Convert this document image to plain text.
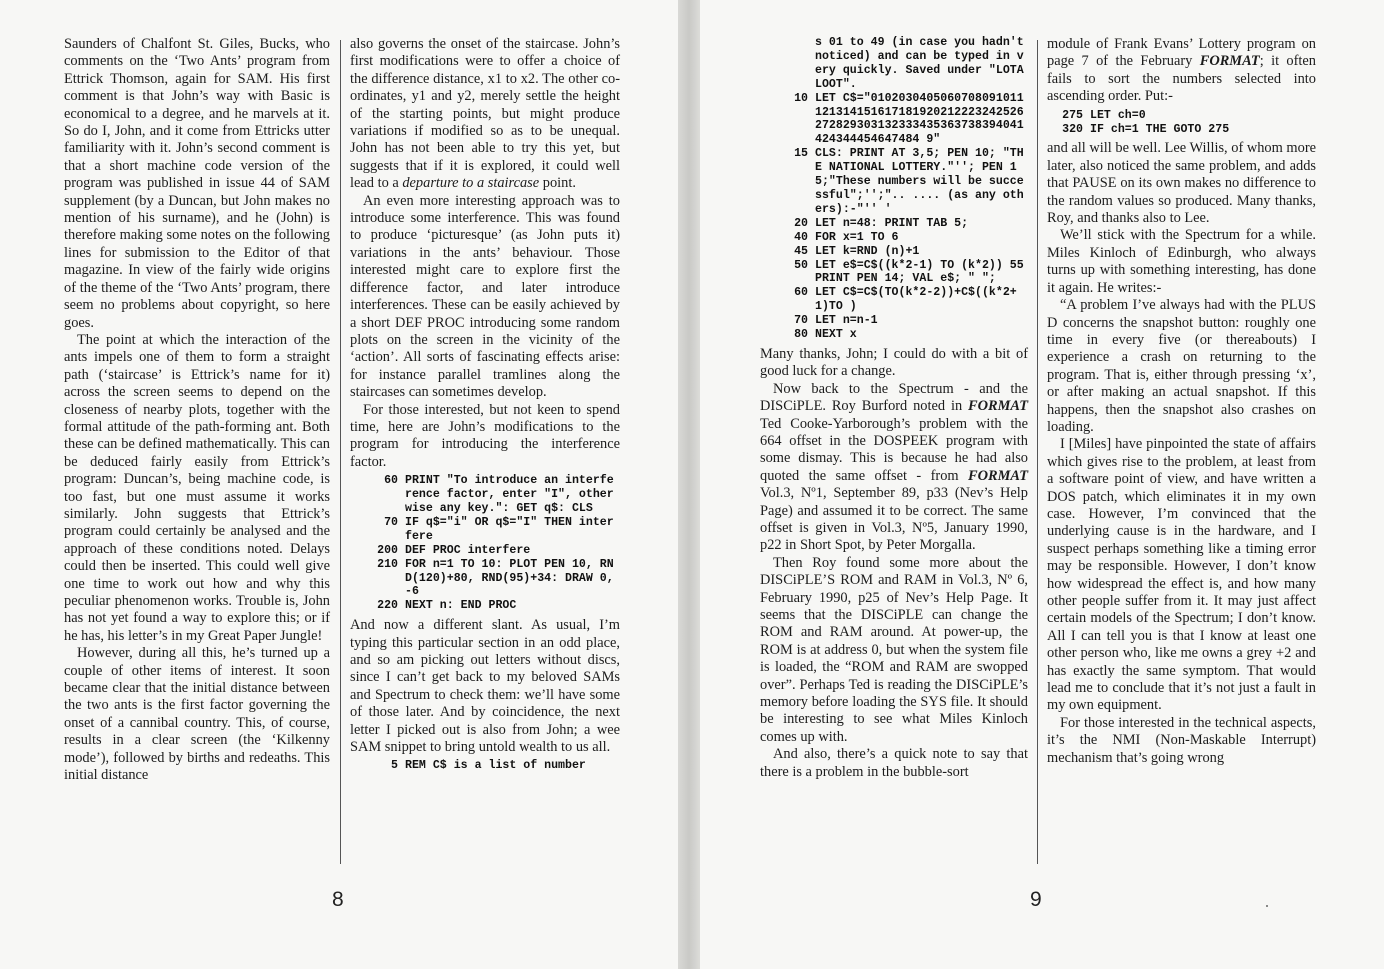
Saunders of Chalfont St. Giles, Bucks, who comments on the ‘Two Ants’ program from Ettrick Thomson, again for SAM. His first comment is that John’s way with Basic is economical to a degree, and he marvels at it. So do I, John, and it come from Ettricks utter familiarity with it. John’s second comment is that a short machine code version of the program was published in issue 44 of SAM supplement (by a Duncan, but John makes no mention of his surname), and he (John) is therefore making some notes on the following lines for submission to the Editor of that magazine. In view of the fairly wide origins of the theme of the ‘Two Ants’ program, there seem no problems about copyright, so here goes.

The point at which the interaction of the ants impels one of them to form a straight path (‘staircase’ is Ettrick’s name for it) across the screen seems to depend on the closeness of nearby plots, together with the formal attitude of the path-forming ant. Both these can be defined mathematically. This can be deduced fairly easily from Ettrick’s program: Duncan’s, being machine code, is too fast, but one must assume it works similarly. John suggests that Ettrick’s program could certainly be analysed and the approach of these conditions noted. Delays could then be inserted. This could well give one time to work out how and why this peculiar phenomenon works. Trouble is, John has not yet found a way to explore this; or if he has, his letter’s in my Great Paper Jungle!

However, during all this, he’s turned up a couple of other items of interest. It soon became clear that the initial distance between the two ants is the first factor governing the onset of a cannibal country. This, of course, results in a clear screen (the ‘Kilkenny mode’), followed by births and redeaths. This initial distance

also governs the onset of the staircase. John’s first modifications were to offer a choice of the difference distance, x1 to x2. The other co-ordinates, y1 and y2, merely settle the height of the starting points, but might produce variations if modified so as to be unequal. John has not been able to try this yet, but suggests that if it is explored, it could well lead to a departure to a staircase point.

An even more interesting approach was to introduce some interference. This was found to produce ‘picturesque’ (as John puts it) variations in the ants’ behaviour. Those interested might care to explore first the difference factor, and later introduce interferences. These can be easily achieved by a short DEF PROC introducing some random plots on the screen in the vicinity of the ‘action’. All sorts of fascinating effects arise: for instance parallel tramlines along the staircases can sometimes develop.

For those interested, but not keen to spend time, here are John’s modifications to the program for introducing the interference factor.

60 PRINT "To introduce an interference factor, enter "I", otherwise any key.": GET q$: CLS
70 IF q$="i" OR q$="I" THEN interfere
200 DEF PROC interfere
210 FOR n=1 TO 10: PLOT PEN 10, RND(120)+80, RND(95)+34: DRAW 0,-6
220 NEXT n: END PROC

And now a different slant. As usual, I’m typing this particular section in an odd place, and so am picking out letters without discs, since I can’t get back to my beloved SAMs and Spectrum to check them: we’ll have some of those later. And by coincidence, the next letter I picked out is also from John; a wee SAM snippet to bring untold wealth to us all.

5 REM C$ is a list of number
s 01 to 49 (in case you hadn't noticed) and can be typed in very quickly. Saved under "LOTALOOT".
10 LET C$="0102030405060708091011121314151617181920212223242526272829303132333435363738394041424344454647484 9"
15 CLS: PRINT AT 3,5; PEN 10; "THE NATIONAL LOTTERY."''; PEN 15;"These numbers will be successful";'';".. .... (as any others):-"'' '
20 LET n=48: PRINT TAB 5;
40 FOR x=1 TO 6
45 LET k=RND (n)+1
50 LET e$=C$((k*2-1) TO (k*2)) 55 PRINT PEN 14; VAL e$; " ";
60 LET C$=C$(TO(k*2-2))+C$((k*2+1)TO )
70 LET n=n-1
80 NEXT x

Many thanks, John; I could do with a bit of good luck for a change.

Now back to the Spectrum - and the DISCiPLE. Roy Burford noted in FORMAT Ted Cooke-Yarborough’s problem with the 664 offset in the DOSPEEK program with some dismay. This is because he had also quoted the same offset - from FORMAT Vol.3, Nº1, September 89, p33 (Nev’s Help Page) and assumed it to be correct. The same offset is given in Vol.3, Nº5, January 1990, p22 in Short Spot, by Peter Morgalla.

Then Roy found some more about the DISCiPLE’S ROM and RAM in Vol.3, Nº 6, February 1990, p25 of Nev’s Help Page. It seems that the DISCiPLE can change the ROM and RAM around. At power-up, the ROM is at address 0, but when the system file is loaded, the “ROM and RAM are swopped over”. Perhaps Ted is reading the DISCiPLE’s memory before loading the SYS file. It should be interesting to see what Miles Kinloch comes up with.

And also, there’s a quick note to say that there is a problem in the bubble-sort

module of Frank Evans’ Lottery program on page 7 of the February FORMAT; it often fails to sort the numbers selected into ascending order. Put:-

275 LET ch=0
320 IF ch=1 THE GOTO 275

and all will be well. Lee Willis, of whom more later, also noticed the same problem, and adds that PAUSE on its own makes no difference to the random values so produced. Many thanks, Roy, and thanks also to Lee.

We’ll stick with the Spectrum for a while. Miles Kinloch of Edinburgh, who always turns up with something interesting, has done it again. He writes:-

“A problem I’ve always had with the PLUS D concerns the snapshot button: roughly one time in every five (or thereabouts) I experience a crash on returning to the program. That is, either through pressing ‘x’, or after making an actual snapshot. If this happens, then the snapshot also crashes on loading.

I [Miles] have pinpointed the state of affairs which gives rise to the problem, at least from a software point of view, and have written a DOS patch, which eliminates it in my own case. However, I’m convinced that the underlying cause is in the hardware, and I suspect perhaps something like a timing error may be responsible. However, I don’t know how widespread the effect is, and how many other people suffer from it. It may just affect certain models of the Spectrum; I don’t know. All I can tell you is that I know at least one other person who, like me owns a grey +2 and has exactly the same symptom. That would lead me to conclude that it’s not just a fault in my own equipment.

For those interested in the technical aspects, it’s the NMI (Non-Maskable Interrupt) mechanism that’s going wrong

8	9
